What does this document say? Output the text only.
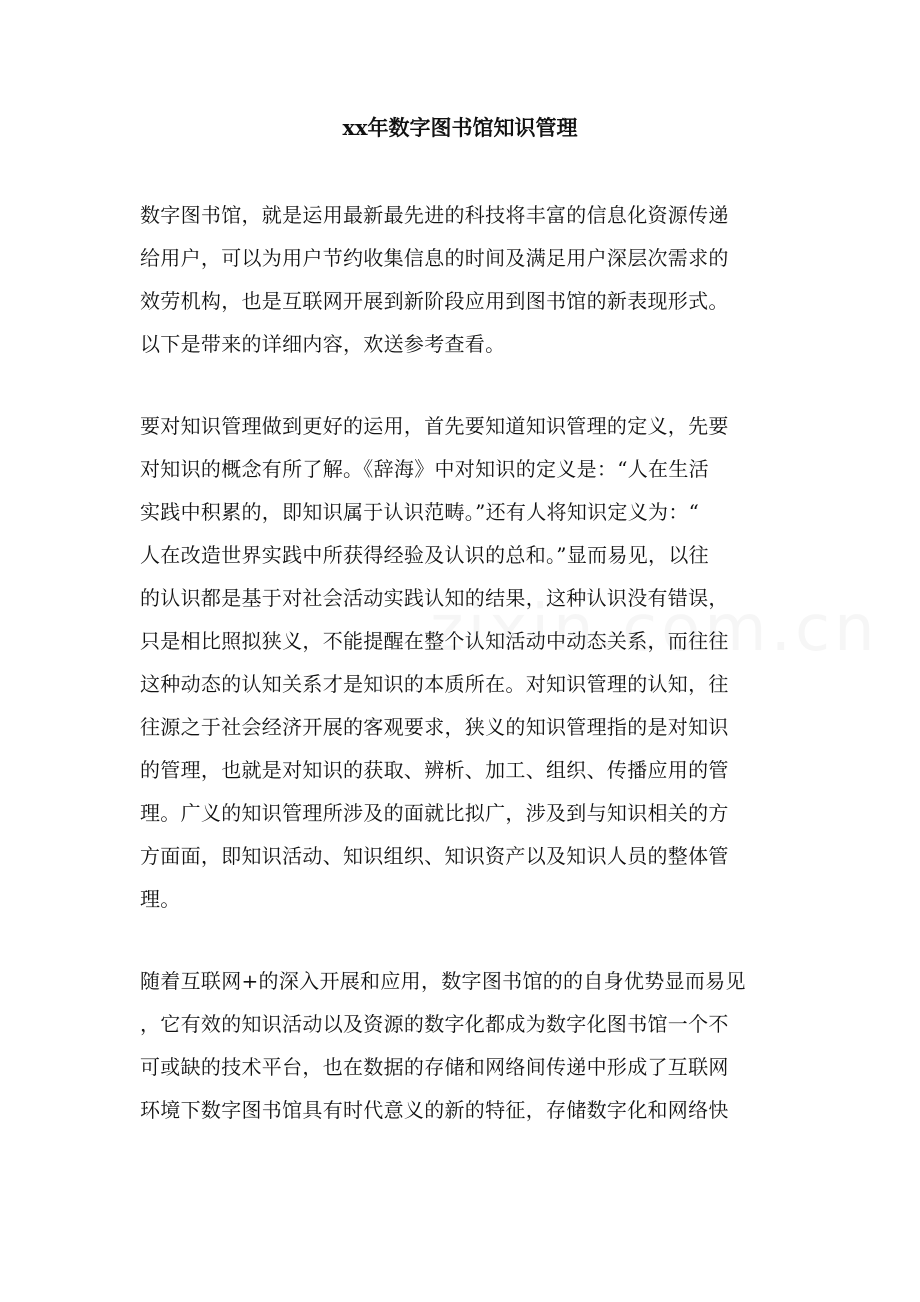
xx年数字图书馆知识管理
数字图书馆，就是运用最新最先进的科技将丰富的信息化资源传递
给用户，可以为用户节约收集信息的时间及满足用户深层次需求的
效劳机构，也是互联网开展到新阶段应用到图书馆的新表现形式。
以下是带来的详细内容，欢送参考查看。
要对知识管理做到更好的运用，首先要知道知识管理的定义，先要
对知识的概念有所了解。《辞海》中对知识的定义是：“人在生活
实践中积累的，即知识属于认识范畴。”还有人将知识定义为：“
人在改造世界实践中所获得经验及认识的总和。”显而易见，以往
的认识都是基于对社会活动实践认知的结果，这种认识没有错误，
只是相比照拟狭义，不能提醒在整个认知活动中动态关系，而往往
这种动态的认知关系才是知识的本质所在。对知识管理的认知，往
往源之于社会经济开展的客观要求，狭义的知识管理指的是对知识
的管理，也就是对知识的获取、辨析、加工、组织、传播应用的管
理。广义的知识管理所涉及的面就比拟广，涉及到与知识相关的方
方面面，即知识活动、知识组织、知识资产以及知识人员的整体管
理。
随着互联网+的深入开展和应用，数字图书馆的的自身优势显而易见
，它有效的知识活动以及资源的数字化都成为数字化图书馆一个不
可或缺的技术平台，也在数据的存储和网络间传递中形成了互联网
环境下数字图书馆具有时代意义的新的特征，存储数字化和网络快
